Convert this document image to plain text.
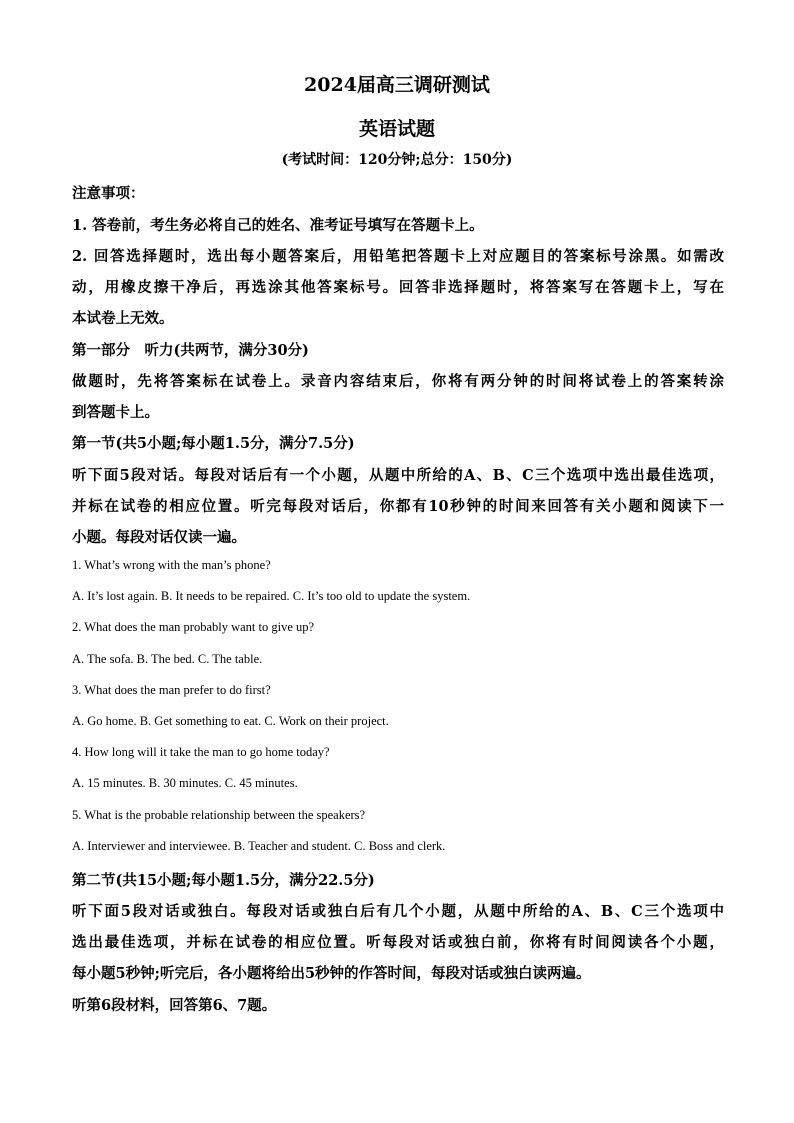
2024届高三调研测试
英语试题
(考试时间：120分钟;总分：150分)
注意事项：
1. 答卷前，考生务必将自己的姓名、准考证号填写在答题卡上。
2. 回答选择题时，选出每小题答案后，用铅笔把答题卡上对应题目的答案标号涂黑。如需改
动，用橡皮擦干净后，再选涂其他答案标号。回答非选择题时，将答案写在答题卡上，写在
本试卷上无效。
第一部分　听力(共两节，满分30分)
做题时，先将答案标在试卷上。录音内容结束后，你将有两分钟的时间将试卷上的答案转涂
到答题卡上。
第一节(共5小题;每小题1.5分，满分7.5分)
听下面5段对话。每段对话后有一个小题，从题中所给的A、B、C三个选项中选出最佳选项，
并标在试卷的相应位置。听完每段对话后，你都有10秒钟的时间来回答有关小题和阅读下一
小题。每段对话仅读一遍。
1. What’s wrong with the man’s phone?
A. It’s lost again. B. It needs to be repaired. C. It’s too old to update the system.
2. What does the man probably want to give up?
A. The sofa. B. The bed. C. The table.
3. What does the man prefer to do first?
A. Go home. B. Get something to eat. C. Work on their project.
4. How long will it take the man to go home today?
A. 15 minutes. B. 30 minutes. C. 45 minutes.
5. What is the probable relationship between the speakers?
A. Interviewer and interviewee. B. Teacher and student. C. Boss and clerk.
第二节(共15小题;每小题1.5分，满分22.5分)
听下面5段对话或独白。每段对话或独白后有几个小题，从题中所给的A、B、C三个选项中
选出最佳选项，并标在试卷的相应位置。听每段对话或独白前，你将有时间阅读各个小题，
每小题5秒钟;听完后，各小题将给出5秒钟的作答时间，每段对话或独白读两遍。
听第6段材料，回答第6、7题。
